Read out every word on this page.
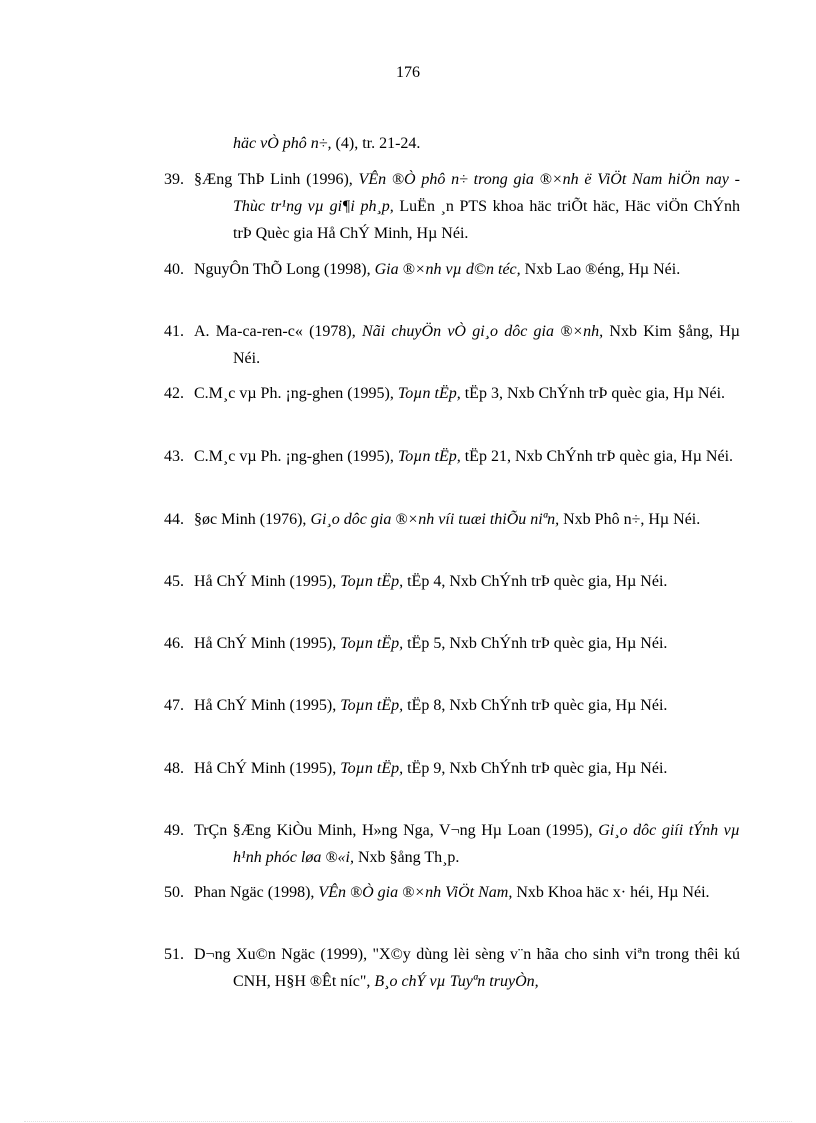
176
häc vÒ phô n÷, (4), tr. 21-24.
39. §Æng ThÞ Linh (1996), VÊn ®Ò phô n÷ trong gia ®×nh ë ViÖt Nam hiÖn nay - Thùc tr¹ng vµ gi¶i ph¸p, LuËn ¸n PTS khoa häc triÕt häc, Häc viÖn ChÝnh trÞ Quèc gia Hå ChÝ Minh, Hµ Néi.
40. NguyÔn ThÕ Long (1998), Gia ®×nh vµ d©n téc, Nxb Lao ®éng, Hµ Néi.
41. A. Ma-ca-ren-c« (1978), Nãi chuyÖn vÒ gi¸o dôc gia ®×nh, Nxb Kim §ång, Hµ Néi.
42. C.M¸c vµ Ph. ¡ng-ghen (1995), Toµn tËp, tËp 3, Nxb ChÝnh trÞ quèc gia, Hµ Néi.
43. C.M¸c vµ Ph. ¡ng-ghen (1995), Toµn tËp, tËp 21, Nxb ChÝnh trÞ quèc gia, Hµ Néi.
44. §øc Minh (1976), Gi¸o dôc gia ®×nh víi tuæi thiÕu niªn, Nxb Phô n÷, Hµ Néi.
45. Hå ChÝ Minh (1995), Toµn tËp, tËp 4, Nxb ChÝnh trÞ quèc gia, Hµ Néi.
46. Hå ChÝ Minh (1995), Toµn tËp, tËp 5, Nxb ChÝnh trÞ quèc gia, Hµ Néi.
47. Hå ChÝ Minh (1995), Toµn tËp, tËp 8, Nxb ChÝnh trÞ quèc gia, Hµ Néi.
48. Hå ChÝ Minh (1995), Toµn tËp, tËp 9, Nxb ChÝnh trÞ quèc gia, Hµ Néi.
49. TrÇn §Æng KiÒu Minh, H»ng Nga, V¬ng Hµ Loan (1995), Gi¸o dôc giíi tÝnh vµ h¹nh phóc løa ®«i, Nxb §ång Th¸p.
50. Phan Ngäc (1998), VÊn ®Ò gia ®×nh ViÖt Nam, Nxb Khoa häc x· héi, Hµ Néi.
51. D¬ng Xu©n Ngäc (1999), "X©y dùng lèi sèng v¨n hãa cho sinh viªn trong thêi kú CNH, H§H ®Êt níc", B¸o chÝ vµ Tuyªn truyÒn,
